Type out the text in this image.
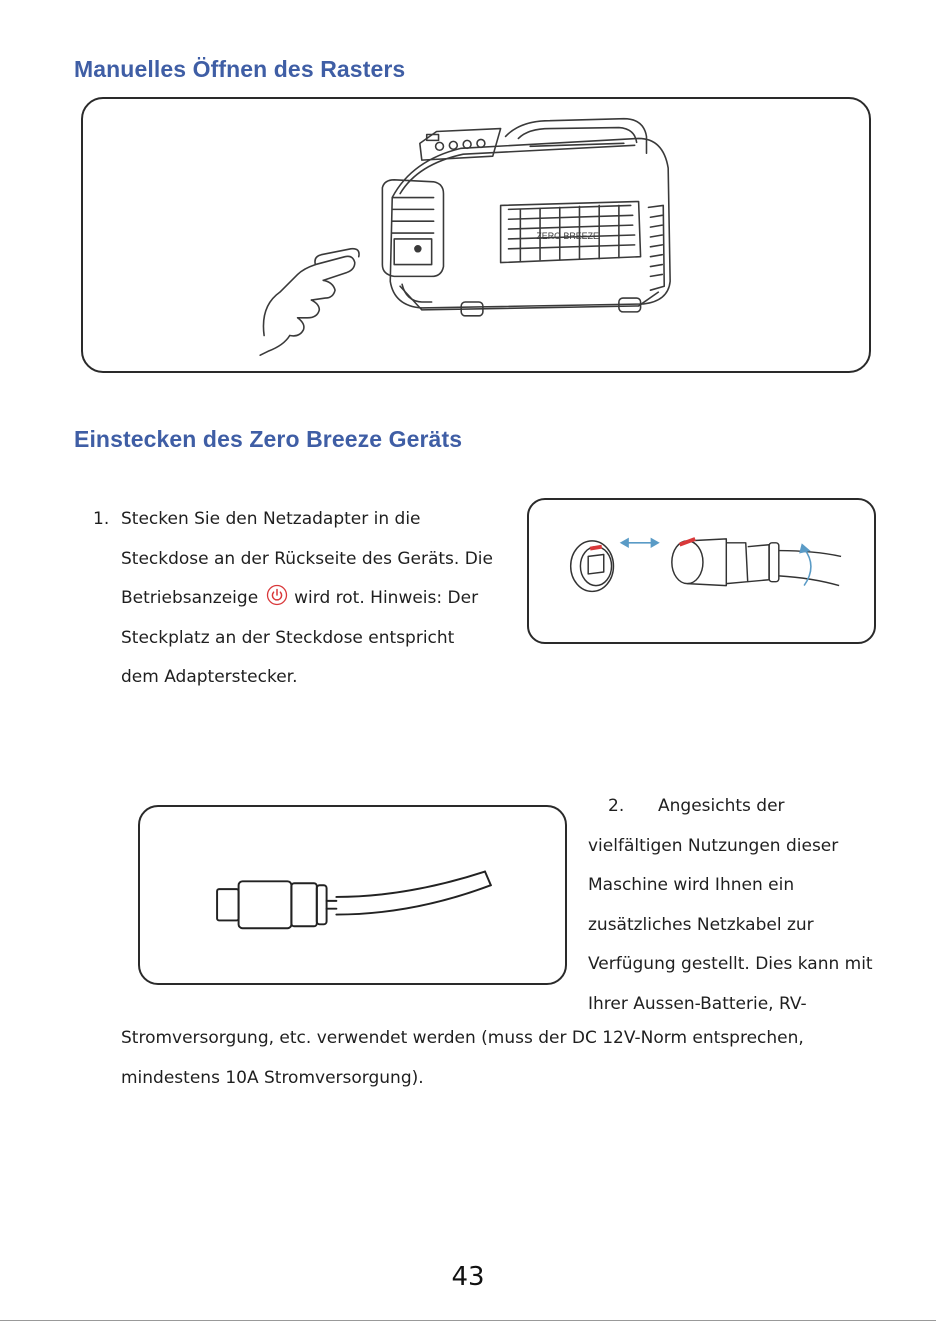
Manuelles Öffnen des Rasters
ZERO BREEZE
Einstecken des Zero Breeze Geräts
1. Stecken Sie den Netzadapter in die
Steckdose an der Rückseite des Geräts. Die
Betriebsanzeige wird rot. Hinweis: Der
Steckplatz an der Steckdose entspricht
dem Adapterstecker.
2. Angesichts der
vielfältigen Nutzungen dieser
Maschine wird Ihnen ein
zusätzliches Netzkabel zur
Verfügung gestellt. Dies kann mit
Ihrer Aussen-Batterie, RV-
Stromversorgung, etc. verwendet werden (muss der DC 12V-Norm entsprechen,
mindestens 10A Stromversorgung).
43
